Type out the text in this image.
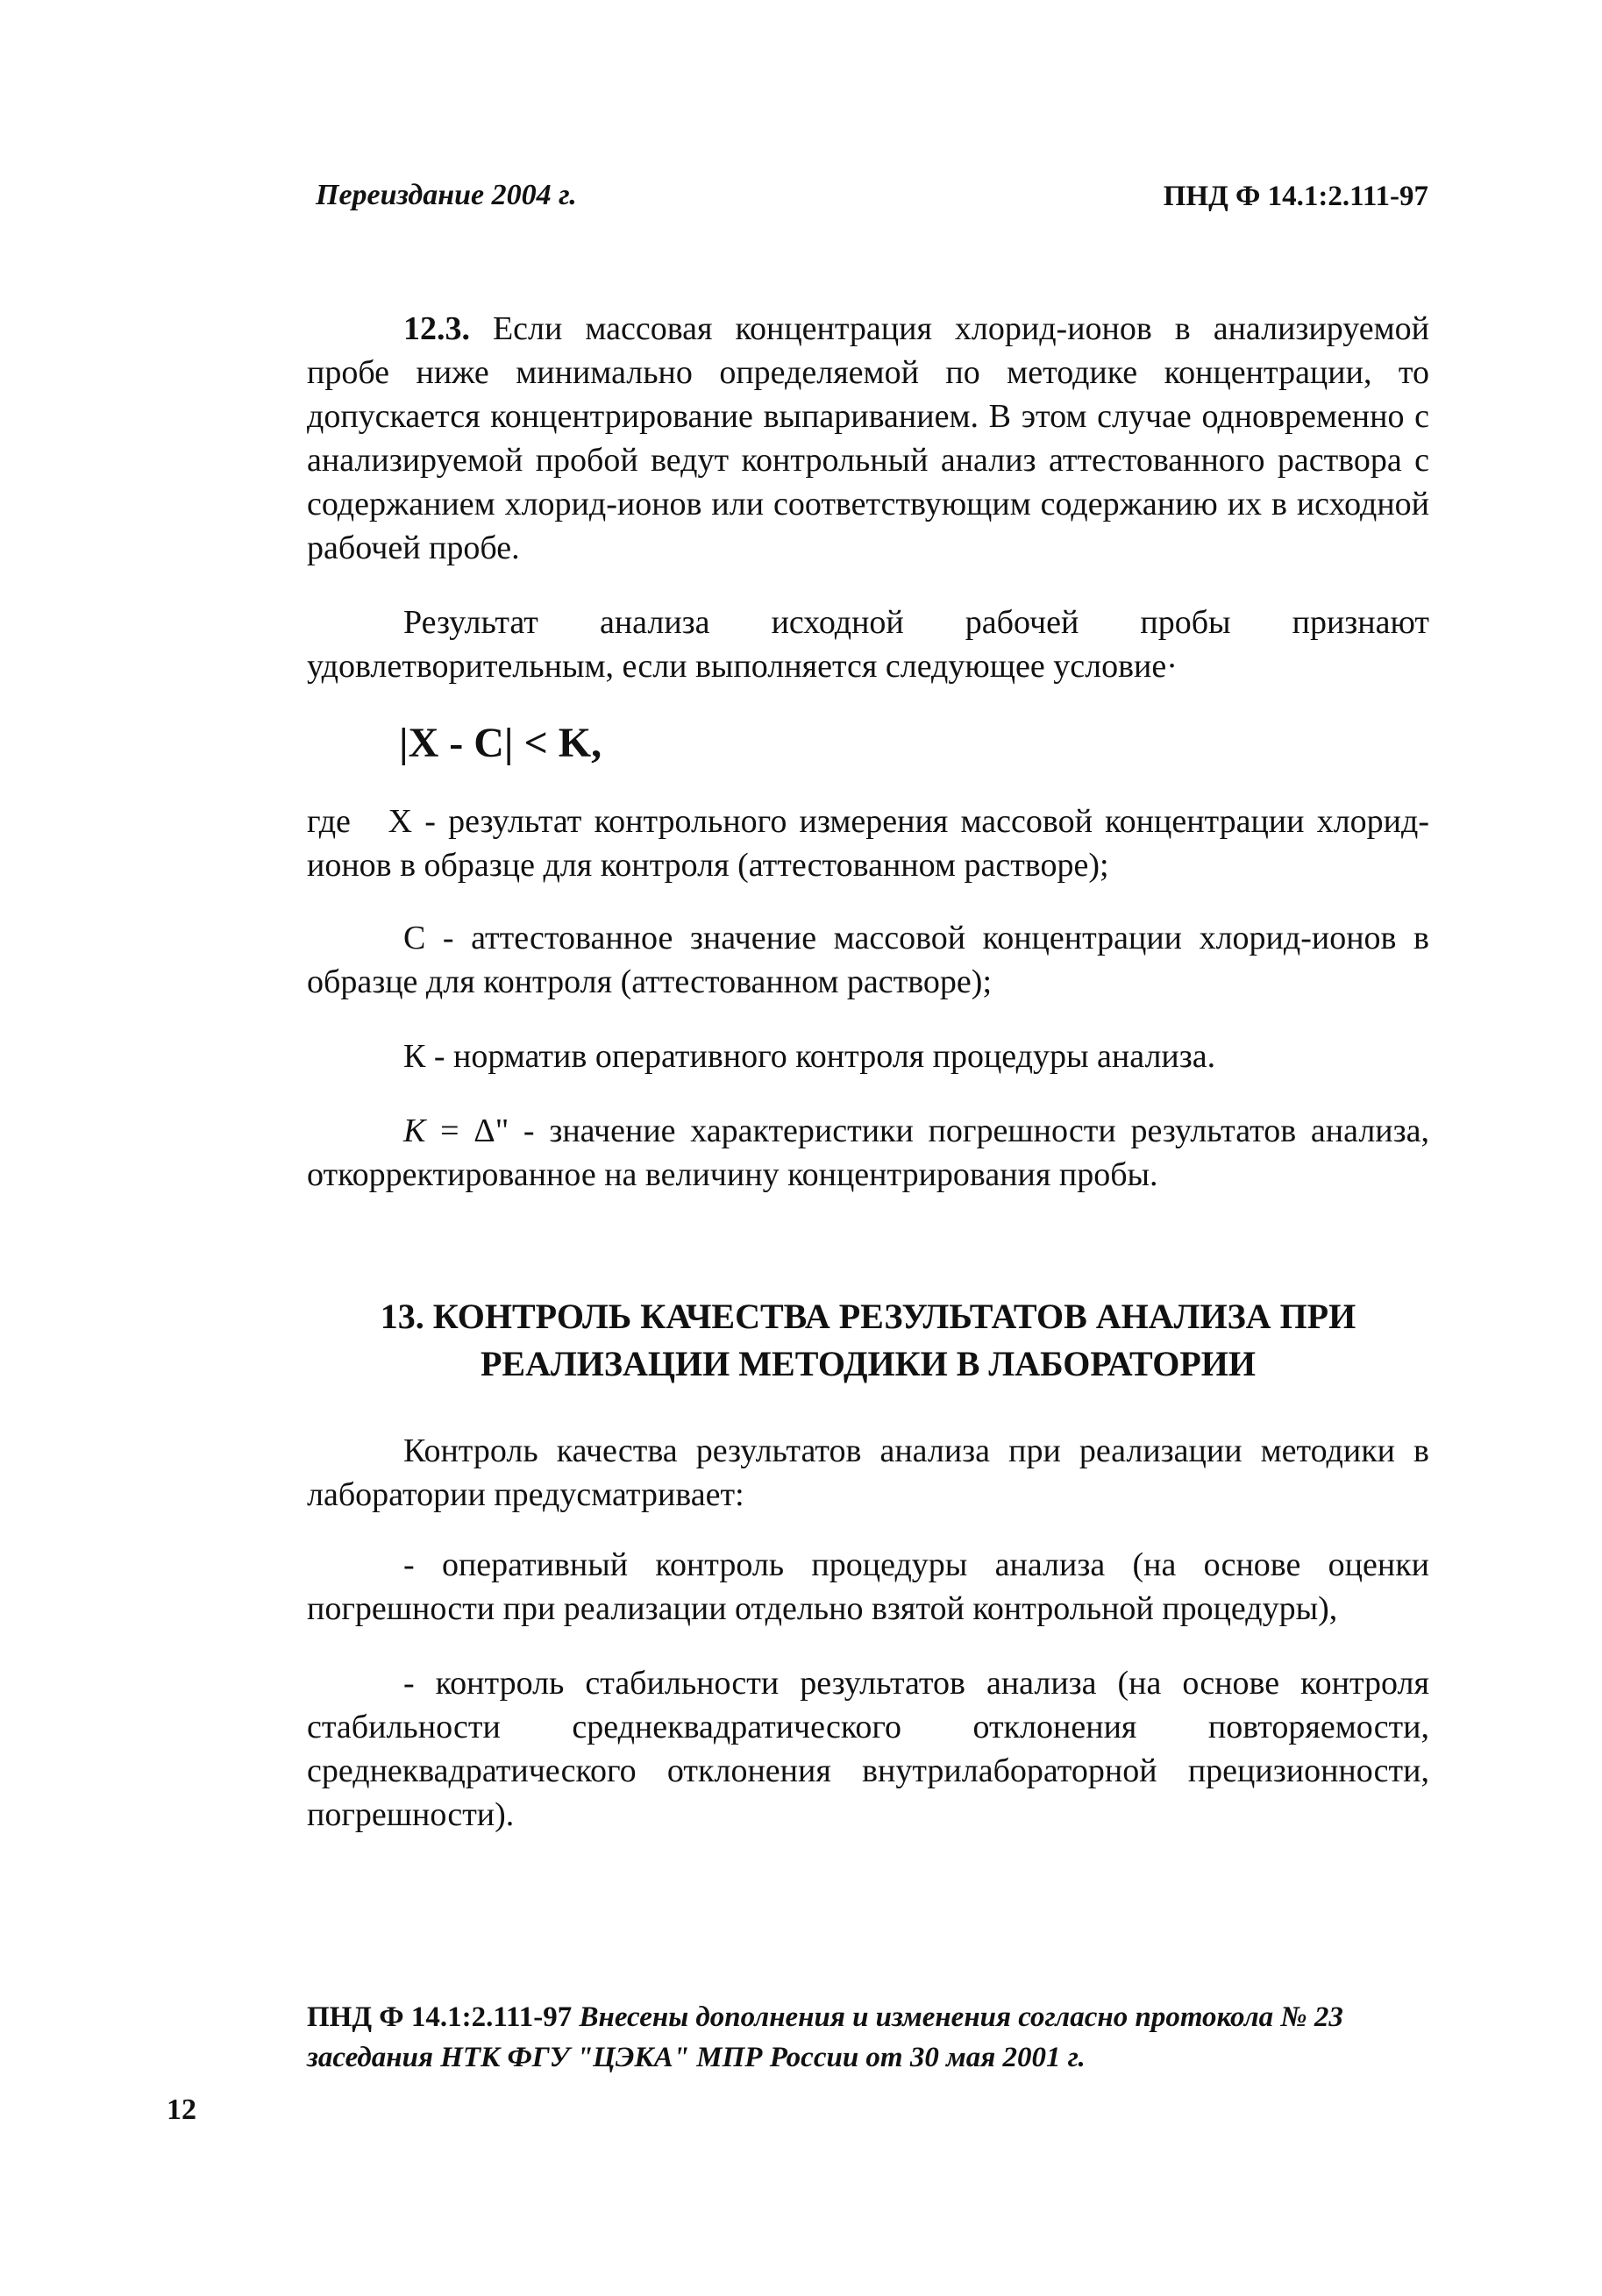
Переиздание 2004 г.	ПНД Ф 14.1:2.111-97
12.3. Если массовая концентрация хлорид-ионов в анализируемой пробе ниже минимально определяемой по методике концентрации, то допускается концентрирование выпариванием. В этом случае одновременно с анализируемой пробой ведут контрольный анализ аттестованного раствора с содержанием хлорид-ионов или соответствующим содержанию их в исходной рабочей пробе.
Результат анализа исходной рабочей пробы признают удовлетворительным, если выполняется следующее условие·
|X - C| < K,
где X - результат контрольного измерения массовой концентрации хлорид-ионов в образце для контроля (аттестованном растворе);
С - аттестованное значение массовой концентрации хлорид-ионов в образце для контроля (аттестованном растворе);
К - норматив оперативного контроля процедуры анализа.
K = Δ" - значение характеристики погрешности результатов анализа, откорректированное на величину концентрирования пробы.
13. КОНТРОЛЬ КАЧЕСТВА РЕЗУЛЬТАТОВ АНАЛИЗА ПРИ
РЕАЛИЗАЦИИ МЕТОДИКИ В ЛАБОРАТОРИИ
Контроль качества результатов анализа при реализации методики в лаборатории предусматривает:
- оперативный контроль процедуры анализа (на основе оценки погрешности при реализации отдельно взятой контрольной процедуры),
- контроль стабильности результатов анализа (на основе контроля стабильности среднеквадратического отклонения повторяемости, среднеквадратического отклонения внутрилабораторной прецизионности, погрешности).
ПНД Ф 14.1:2.111-97 Внесены дополнения и изменения согласно протокола № 23 заседания НТК ФГУ "ЦЭКА" МПР России от 30 мая 2001 г.
12
